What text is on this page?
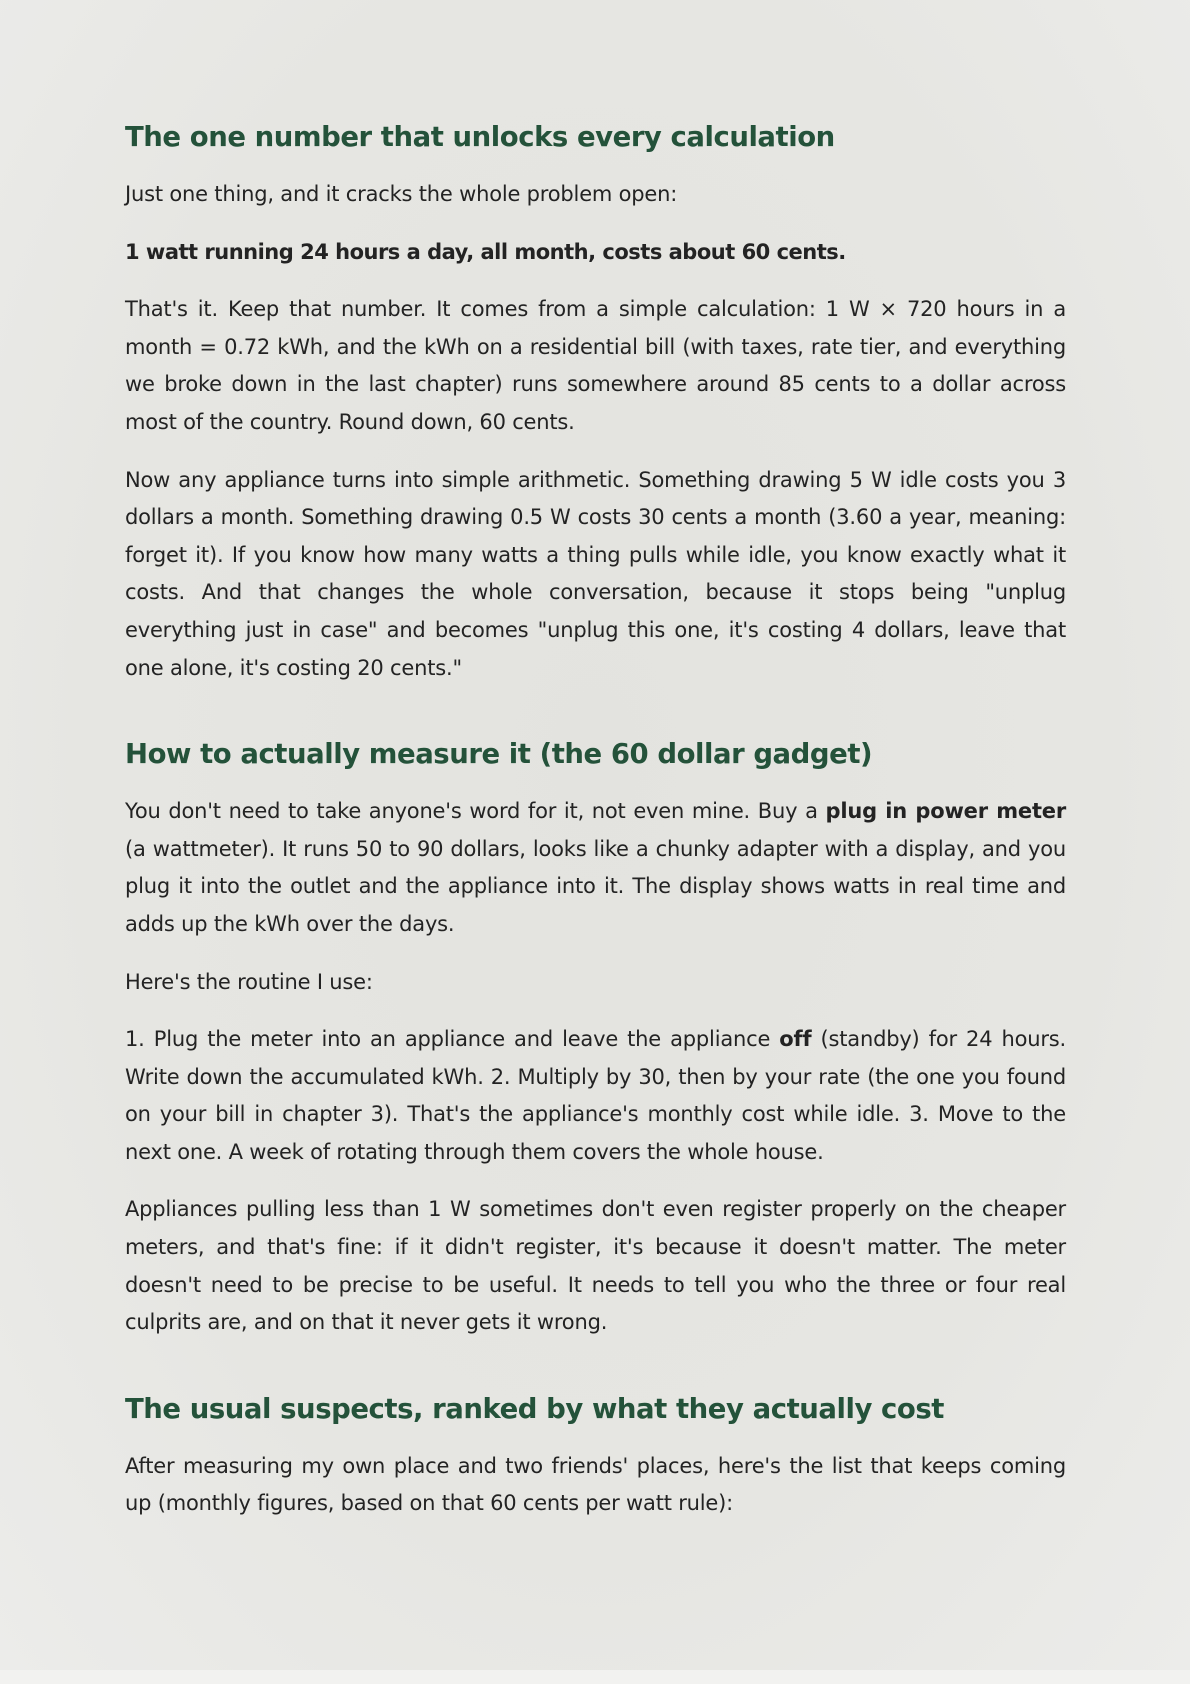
The one number that unlocks every calculation

Just one thing, and it cracks the whole problem open:

1 watt running 24 hours a day, all month, costs about 60 cents.

That's it. Keep that number. It comes from a simple calculation: 1 W × 720 hours in a month = 0.72 kWh, and the kWh on a residential bill (with taxes, rate tier, and everything we broke down in the last chapter) runs somewhere around 85 cents to a dollar across most of the country. Round down, 60 cents.

Now any appliance turns into simple arithmetic. Something drawing 5 W idle costs you 3 dollars a month. Something drawing 0.5 W costs 30 cents a month (3.60 a year, meaning: forget it). If you know how many watts a thing pulls while idle, you know exactly what it costs. And that changes the whole conversation, because it stops being "unplug everything just in case" and becomes "unplug this one, it's costing 4 dollars, leave that one alone, it's costing 20 cents."

How to actually measure it (the 60 dollar gadget)

You don't need to take anyone's word for it, not even mine. Buy a plug in power meter (a wattmeter). It runs 50 to 90 dollars, looks like a chunky adapter with a display, and you plug it into the outlet and the appliance into it. The display shows watts in real time and adds up the kWh over the days.

Here's the routine I use:

1. Plug the meter into an appliance and leave the appliance off (standby) for 24 hours. Write down the accumulated kWh. 2. Multiply by 30, then by your rate (the one you found on your bill in chapter 3). That's the appliance's monthly cost while idle. 3. Move to the next one. A week of rotating through them covers the whole house.

Appliances pulling less than 1 W sometimes don't even register properly on the cheaper meters, and that's fine: if it didn't register, it's because it doesn't matter. The meter doesn't need to be precise to be useful. It needs to tell you who the three or four real culprits are, and on that it never gets it wrong.

The usual suspects, ranked by what they actually cost

After measuring my own place and two friends' places, here's the list that keeps coming up (monthly figures, based on that 60 cents per watt rule):
